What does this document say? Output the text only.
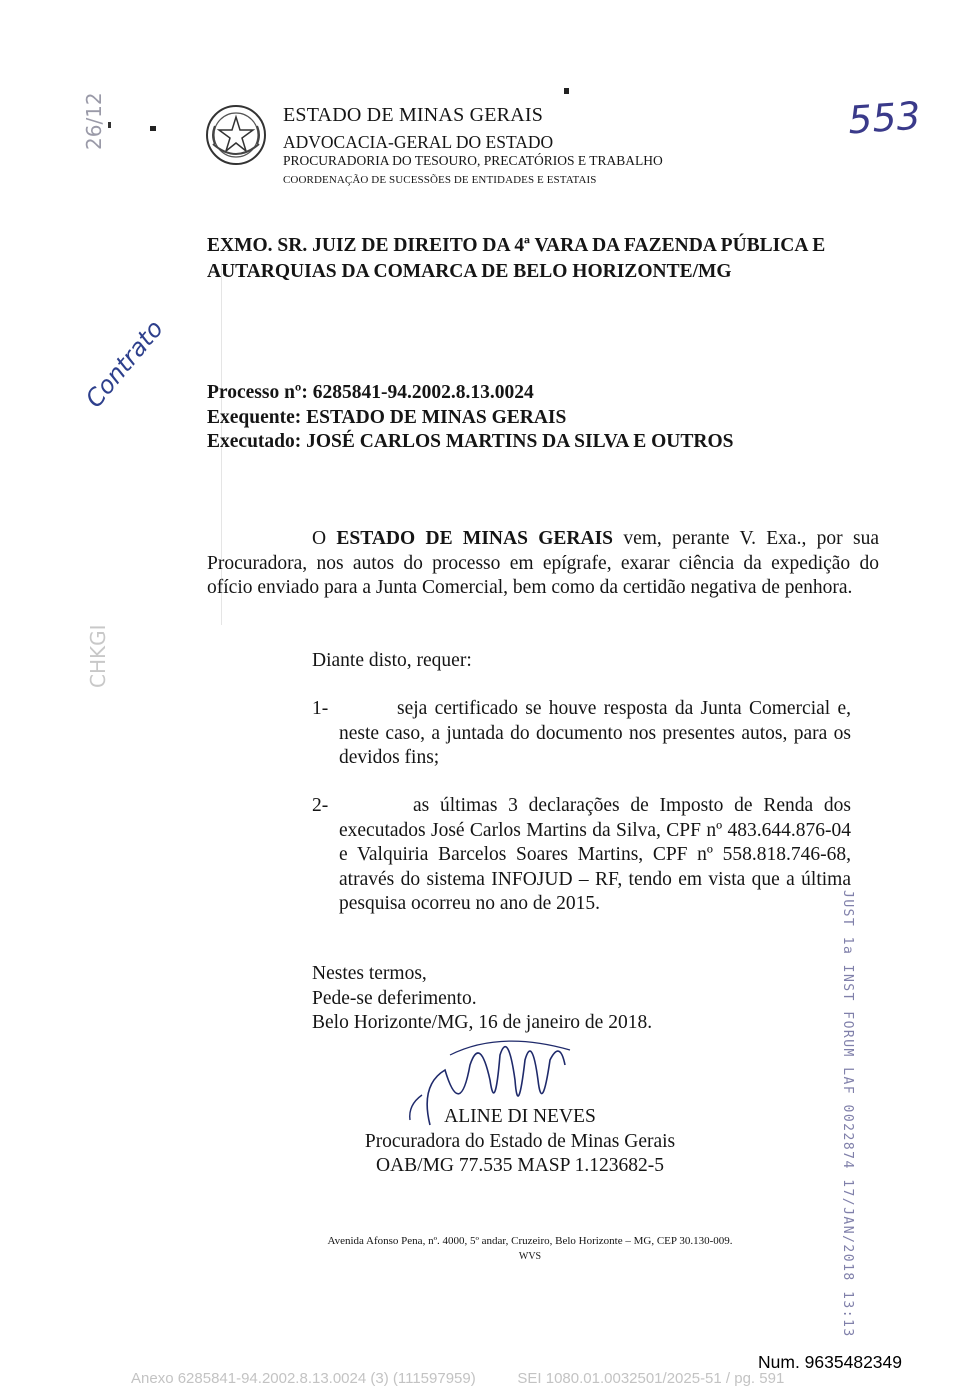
26/12
Contrato
CHKGI
ESTADO DE MINAS GERAIS
ADVOCACIA-GERAL DO ESTADO
PROCURADORIA DO TESOURO, PRECATÓRIOS E TRABALHO
COORDENAÇÃO DE SUCESSÕES DE ENTIDADES E ESTATAIS
553
EXMO. SR. JUIZ DE DIREITO DA 4ª VARA DA FAZENDA PÚBLICA E
AUTARQUIAS DA COMARCA DE BELO HORIZONTE/MG
Processo nº: 6285841-94.2002.8.13.0024
Exequente: ESTADO DE MINAS GERAIS
Executado: JOSÉ CARLOS MARTINS DA SILVA E OUTROS
O ESTADO DE MINAS GERAIS vem, perante V. Exa., por sua Procuradora, nos autos do processo em epígrafe, exarar ciência da expedição do ofício enviado para a Junta Comercial, bem como da certidão negativa de penhora.
Diante disto, requer:
1-	seja certificado se houve resposta da Junta Comercial e, neste caso, a juntada do documento nos presentes autos, para os devidos fins;
2-	as últimas 3 declarações de Imposto de Renda dos executados José Carlos Martins da Silva, CPF nº 483.644.876-04 e Valquiria Barcelos Soares Martins, CPF nº 558.818.746-68, através do sistema INFOJUD – RF, tendo em vista que a última pesquisa ocorreu no ano de 2015.
Nestes termos,
Pede-se deferimento.
Belo Horizonte/MG, 16 de janeiro de 2018.
ALINE DI NEVES
Procuradora do Estado de Minas Gerais
OAB/MG 77.535 MASP 1.123682-5	JUST 1a INST FORUM LAF 0022874 17/JAN/2018 13:13
Avenida Afonso Pena, nº. 4000, 5º andar, Cruzeiro, Belo Horizonte – MG, CEP 30.130-009.
WVS
Num. 9635482349
Anexo 6285841-94.2002.8.13.0024 (3) (111597959)          SEI 1080.01.0032501/2025-51 / pg. 591
